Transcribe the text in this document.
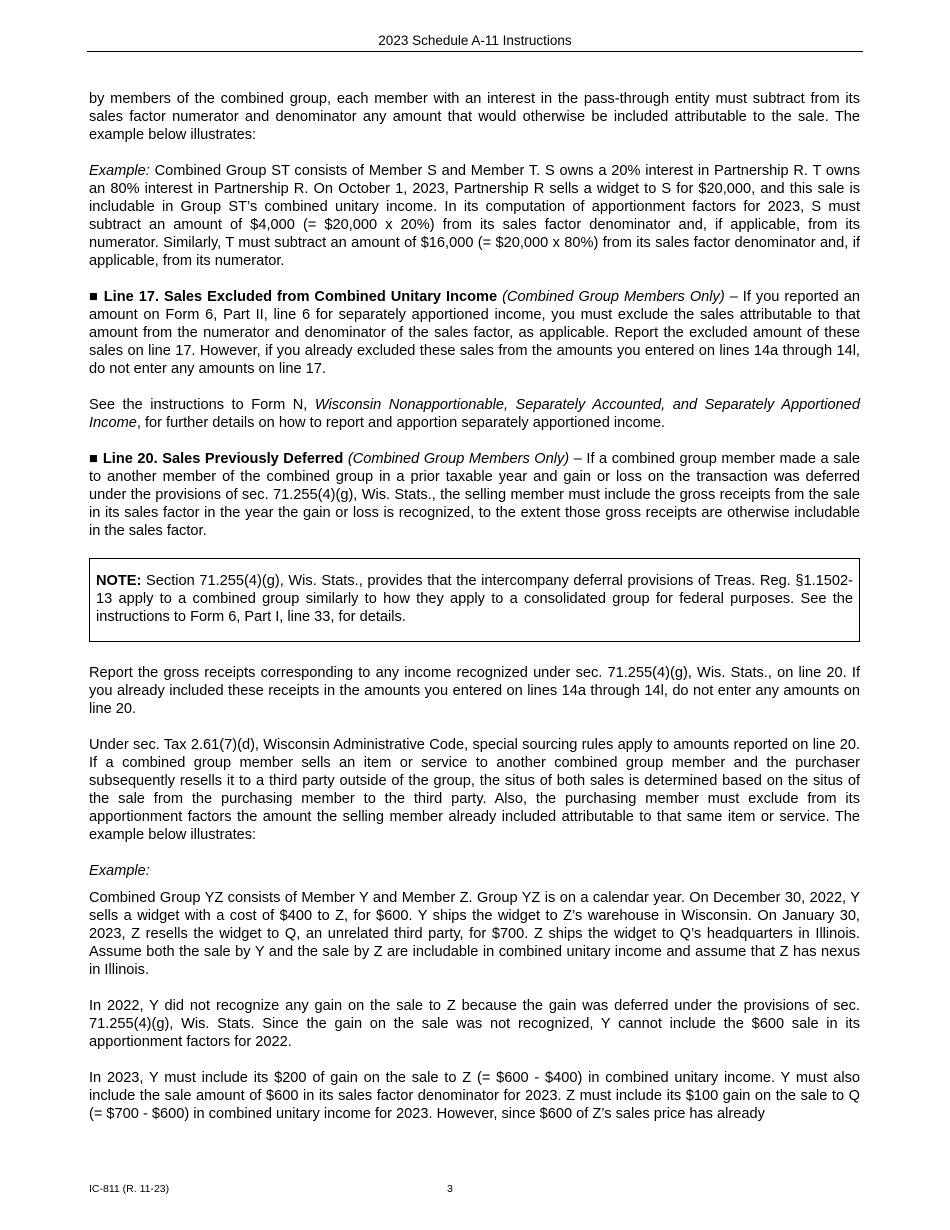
2023 Schedule A-11 Instructions

by members of the combined group, each member with an interest in the pass-through entity must subtract from its sales factor numerator and denominator any amount that would otherwise be included attributable to the sale. The example below illustrates:

Example: Combined Group ST consists of Member S and Member T. S owns a 20% interest in Partnership R. T owns an 80% interest in Partnership R. On October 1, 2023, Partnership R sells a widget to S for $20,000, and this sale is includable in Group ST’s combined unitary income. In its computation of apportionment factors for 2023, S must subtract an amount of $4,000 (= $20,000 x 20%) from its sales factor denominator and, if applicable, from its numerator. Similarly, T must subtract an amount of $16,000 (= $20,000 x 80%) from its sales factor denominator and, if applicable, from its numerator.

■ Line 17. Sales Excluded from Combined Unitary Income (Combined Group Members Only) – If you reported an amount on Form 6, Part II, line 6 for separately apportioned income, you must exclude the sales attributable to that amount from the numerator and denominator of the sales factor, as applicable. Report the excluded amount of these sales on line 17. However, if you already excluded these sales from the amounts you entered on lines 14a through 14l, do not enter any amounts on line 17.

See the instructions to Form N, Wisconsin Nonapportionable, Separately Accounted, and Separately Apportioned Income, for further details on how to report and apportion separately apportioned income.

■ Line 20. Sales Previously Deferred (Combined Group Members Only) – If a combined group member made a sale to another member of the combined group in a prior taxable year and gain or loss on the transaction was deferred under the provisions of sec. 71.255(4)(g), Wis. Stats., the selling member must include the gross receipts from the sale in its sales factor in the year the gain or loss is recognized, to the extent those gross receipts are otherwise includable in the sales factor.

NOTE: Section 71.255(4)(g), Wis. Stats., provides that the intercompany deferral provisions of Treas. Reg. §1.1502-13 apply to a combined group similarly to how they apply to a consolidated group for federal purposes. See the instructions to Form 6, Part I, line 33, for details.

Report the gross receipts corresponding to any income recognized under sec. 71.255(4)(g), Wis. Stats., on line 20. If you already included these receipts in the amounts you entered on lines 14a through 14l, do not enter any amounts on line 20.

Under sec. Tax 2.61(7)(d), Wisconsin Administrative Code, special sourcing rules apply to amounts reported on line 20. If a combined group member sells an item or service to another combined group member and the purchaser subsequently resells it to a third party outside of the group, the situs of both sales is determined based on the situs of the sale from the purchasing member to the third party. Also, the purchasing member must exclude from its apportionment factors the amount the selling member already included attributable to that same item or service. The example below illustrates:

Example:

Combined Group YZ consists of Member Y and Member Z. Group YZ is on a calendar year. On December 30, 2022, Y sells a widget with a cost of $400 to Z, for $600. Y ships the widget to Z’s warehouse in Wisconsin. On January 30, 2023, Z resells the widget to Q, an unrelated third party, for $700. Z ships the widget to Q’s headquarters in Illinois. Assume both the sale by Y and the sale by Z are includable in combined unitary income and assume that Z has nexus in Illinois.

In 2022, Y did not recognize any gain on the sale to Z because the gain was deferred under the provisions of sec. 71.255(4)(g), Wis. Stats. Since the gain on the sale was not recognized, Y cannot include the $600 sale in its apportionment factors for 2022.

In 2023, Y must include its $200 of gain on the sale to Z (= $600 - $400) in combined unitary income. Y must also include the sale amount of $600 in its sales factor denominator for 2023. Z must include its $100 gain on the sale to Q (= $700 - $600) in combined unitary income for 2023. However, since $600 of Z’s sales price has already

IC-811 (R. 11-23)	3
